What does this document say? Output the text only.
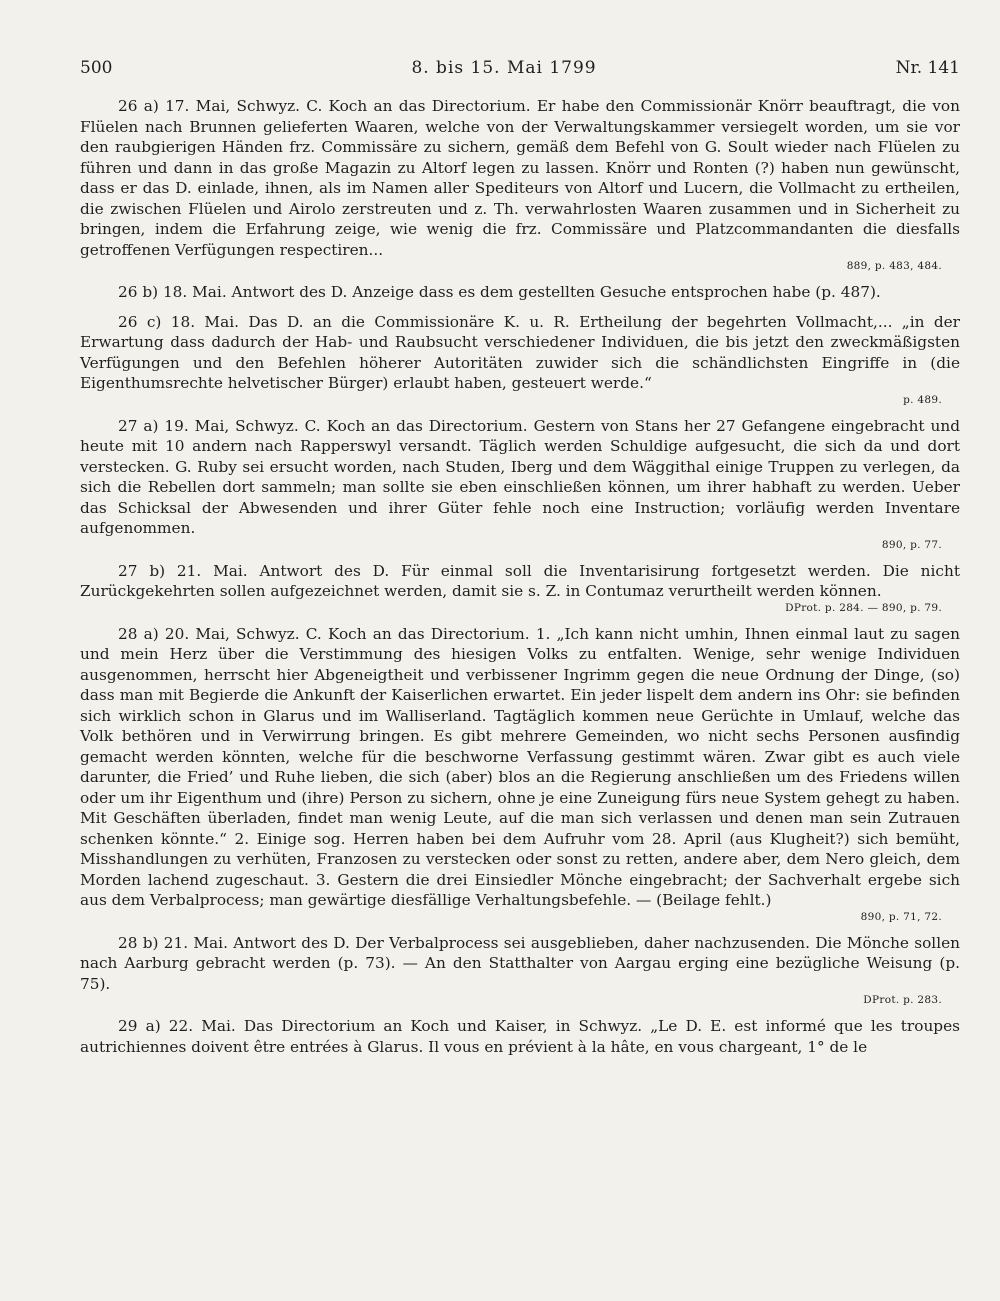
500	8. bis 15. Mai 1799	Nr. 141
26 a) 17. Mai, Schwyz. C. Koch an das Directorium. Er habe den Commissionär Knörr beauftragt, die von Flüelen nach Brunnen gelieferten Waaren, welche von der Verwaltungskammer versiegelt worden, um sie vor den raubgierigen Händen frz. Commissäre zu sichern, gemäß dem Befehl von G. Soult wieder nach Flüelen zu führen und dann in das große Magazin zu Altorf legen zu lassen. Knörr und Ronten (?) haben nun gewünscht, dass er das D. einlade, ihnen, als im Namen aller Spediteurs von Altorf und Lucern, die Vollmacht zu ertheilen, die zwischen Flüelen und Airolo zerstreuten und z. Th. verwahrlosten Waaren zusammen und in Sicherheit zu bringen, indem die Erfahrung zeige, wie wenig die frz. Commissäre und Platzcommandanten die diesfalls getroffenen Verfügungen respectiren...
889, p. 483, 484.
26 b) 18. Mai. Antwort des D. Anzeige dass es dem gestellten Gesuche entsprochen habe (p. 487).
26 c) 18. Mai. Das D. an die Commissionäre K. u. R. Ertheilung der begehrten Vollmacht,... „in der Erwartung dass dadurch der Hab- und Raubsucht verschiedener Individuen, die bis jetzt den zweckmäßigsten Verfügungen und den Befehlen höherer Autoritäten zuwider sich die schändlichsten Eingriffe in (die Eigenthumsrechte helvetischer Bürger) erlaubt haben, gesteuert werde.“
p. 489.
27 a) 19. Mai, Schwyz. C. Koch an das Directorium. Gestern von Stans her 27 Gefangene eingebracht und heute mit 10 andern nach Rapperswyl versandt. Täglich werden Schuldige aufgesucht, die sich da und dort verstecken. G. Ruby sei ersucht worden, nach Studen, Iberg und dem Wäggithal einige Truppen zu verlegen, da sich die Rebellen dort sammeln; man sollte sie eben einschließen können, um ihrer habhaft zu werden. Ueber das Schicksal der Abwesenden und ihrer Güter fehle noch eine Instruction; vorläufig werden Inventare aufgenommen.
890, p. 77.
27 b) 21. Mai. Antwort des D. Für einmal soll die Inventarisirung fortgesetzt werden. Die nicht Zurückgekehrten sollen aufgezeichnet werden, damit sie s. Z. in Contumaz verurtheilt werden können.
DProt. p. 284. — 890, p. 79.
28 a) 20. Mai, Schwyz. C. Koch an das Directorium. 1. „Ich kann nicht umhin, Ihnen einmal laut zu sagen und mein Herz über die Verstimmung des hiesigen Volks zu entfalten. Wenige, sehr wenige Individuen ausgenommen, herrscht hier Abgeneigtheit und verbissener Ingrimm gegen die neue Ordnung der Dinge, (so) dass man mit Begierde die Ankunft der Kaiserlichen erwartet. Ein jeder lispelt dem andern ins Ohr: sie befinden sich wirklich schon in Glarus und im Walliserland. Tagtäglich kommen neue Gerüchte in Umlauf, welche das Volk bethören und in Verwirrung bringen. Es gibt mehrere Gemeinden, wo nicht sechs Personen ausfindig gemacht werden könnten, welche für die beschworne Verfassung gestimmt wären. Zwar gibt es auch viele darunter, die Fried’ und Ruhe lieben, die sich (aber) blos an die Regierung anschließen um des Friedens willen oder um ihr Eigenthum und (ihre) Person zu sichern, ohne je eine Zuneigung fürs neue System gehegt zu haben. Mit Geschäften überladen, findet man wenig Leute, auf die man sich verlassen und denen man sein Zutrauen schenken könnte.“ 2. Einige sog. Herren haben bei dem Aufruhr vom 28. April (aus Klugheit?) sich bemüht, Misshandlungen zu verhüten, Franzosen zu verstecken oder sonst zu retten, andere aber, dem Nero gleich, dem Morden lachend zugeschaut. 3. Gestern die drei Einsiedler Mönche eingebracht; der Sachverhalt ergebe sich aus dem Verbalprocess; man gewärtige diesfällige Verhaltungsbefehle. — (Beilage fehlt.)
890, p. 71, 72.
28 b) 21. Mai. Antwort des D. Der Verbalprocess sei ausgeblieben, daher nachzusenden. Die Mönche sollen nach Aarburg gebracht werden (p. 73). — An den Statthalter von Aargau erging eine bezügliche Weisung (p. 75).
DProt. p. 283.
29 a) 22. Mai. Das Directorium an Koch und Kaiser, in Schwyz. „Le D. E. est informé que les troupes autrichiennes doivent être entrées à Glarus. Il vous en prévient à la hâte, en vous chargeant, 1° de le
